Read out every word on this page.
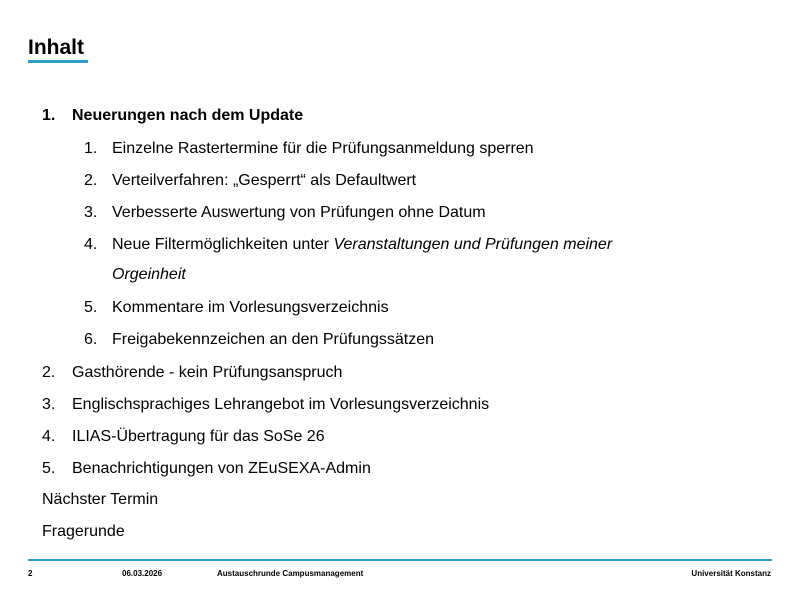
Inhalt
1. Neuerungen nach dem Update
1. Einzelne Rastertermine für die Prüfungsanmeldung sperren
2. Verteilverfahren: „Gesperrt“ als Defaultwert
3. Verbesserte Auswertung von Prüfungen ohne Datum
4. Neue Filtermöglichkeiten unter Veranstaltungen und Prüfungen meiner
Orgeinheit
5. Kommentare im Vorlesungsverzeichnis
6. Freigabekennzeichen an den Prüfungssätzen
2. Gasthörende - kein Prüfungsanspruch
3. Englischsprachiges Lehrangebot im Vorlesungsverzeichnis
4. ILIAS-Übertragung für das SoSe 26
5. Benachrichtigungen von ZEuSEXA-Admin
Nächster Termin
Fragerunde
2	06.03.2026	Austauschrunde Campusmanagement	Universität Konstanz
